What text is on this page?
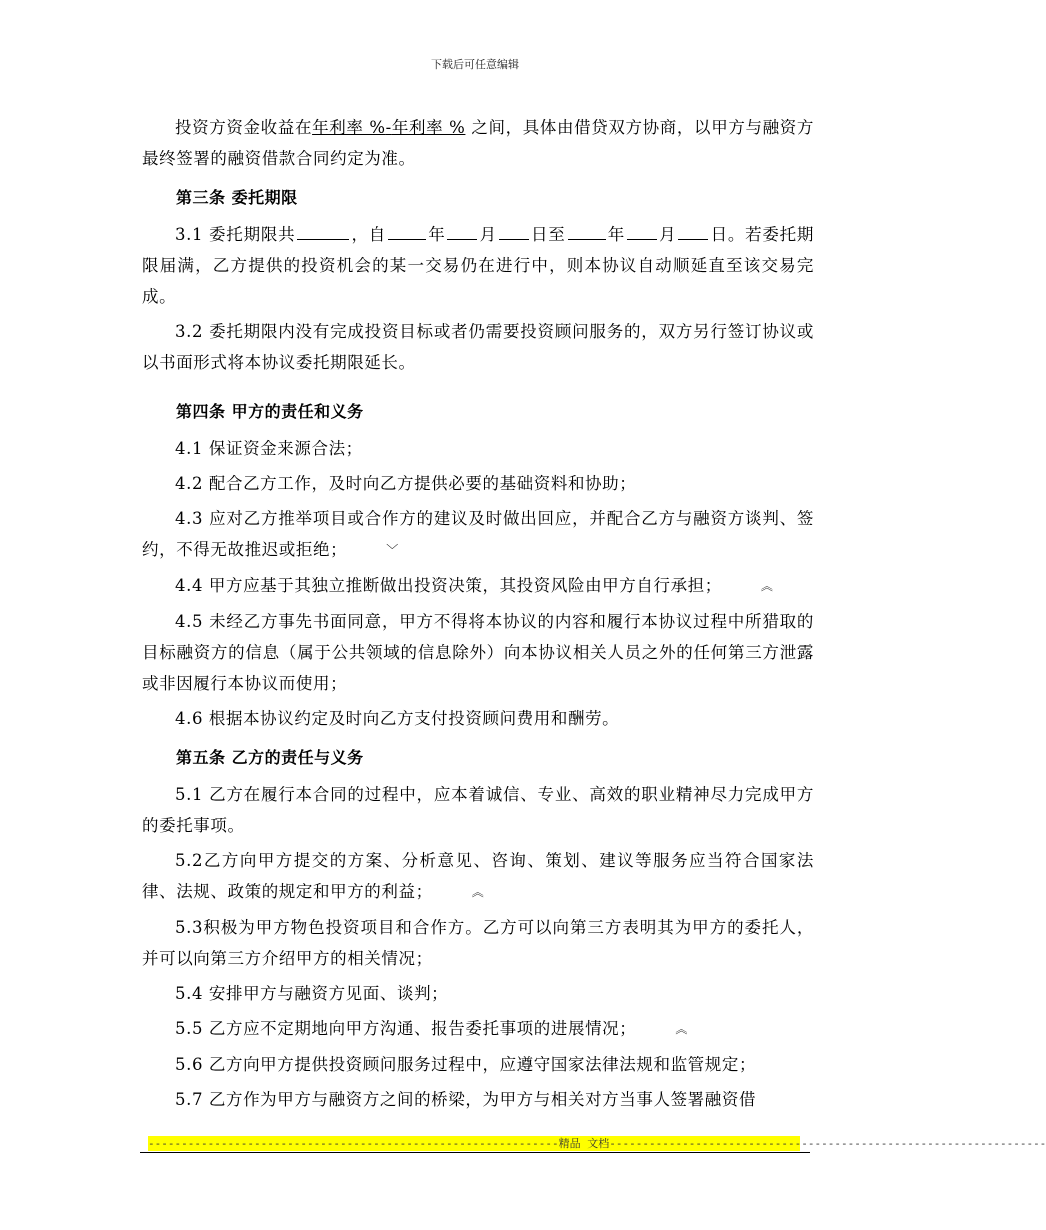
下载后可任意编辑

投资方资金收益在年利率 %-年利率 % 之间，具体由借贷双方协商，以甲方与融资方最终签署的融资借款合同约定为准。

第三条 委托期限

3.1 委托期限共	，自	年 月 日至	年 月 日。若委托期限届满，乙方提供的投资机会的某一交易仍在进行中，则本协议自动顺延直至该交易完成。

3.2 委托期限内没有完成投资目标或者仍需要投资顾问服务的，双方另行签订协议或以书面形式将本协议委托期限延长。

第四条 甲方的责任和义务

4.1 保证资金来源合法；

4.2 配合乙方工作，及时向乙方提供必要的基础资料和协助；

4.3 应对乙方推举项目或合作方的建议及时做出回应，并配合乙方与融资方谈判、签约，不得无故推迟或拒绝；	﹀

4.4 甲方应基于其独立推断做出投资决策，其投资风险由甲方自行承担；	︽

4.5 未经乙方事先书面同意，甲方不得将本协议的内容和履行本协议过程中所猎取的目标融资方的信息（属于公共领域的信息除外）向本协议相关人员之外的任何第三方泄露或非因履行本协议而使用；

4.6 根据本协议约定及时向乙方支付投资顾问费用和酬劳。

第五条 乙方的责任与义务

5.1 乙方在履行本合同的过程中，应本着诚信、专业、高效的职业精神尽力完成甲方的委托事项。

5.2乙方向甲方提交的方案、分析意见、咨询、策划、建议等服务应当符合国家法律、法规、政策的规定和甲方的利益；	︽

5.3积极为甲方物色投资项目和合作方。乙方可以向第三方表明其为甲方的委托人，并可以向第三方介绍甲方的相关情况；

5.4 安排甲方与融资方见面、谈判；

5.5 乙方应不定期地向甲方沟通、报告委托事项的进展情况；	︽

5.6 乙方向甲方提供投资顾问服务过程中，应遵守国家法律法规和监管规定；

5.7 乙方作为甲方与融资方之间的桥梁，为甲方与相关对方当事人签署融资借

--------------------------------------------------------------精品 文档------------------------------------------------------------------
